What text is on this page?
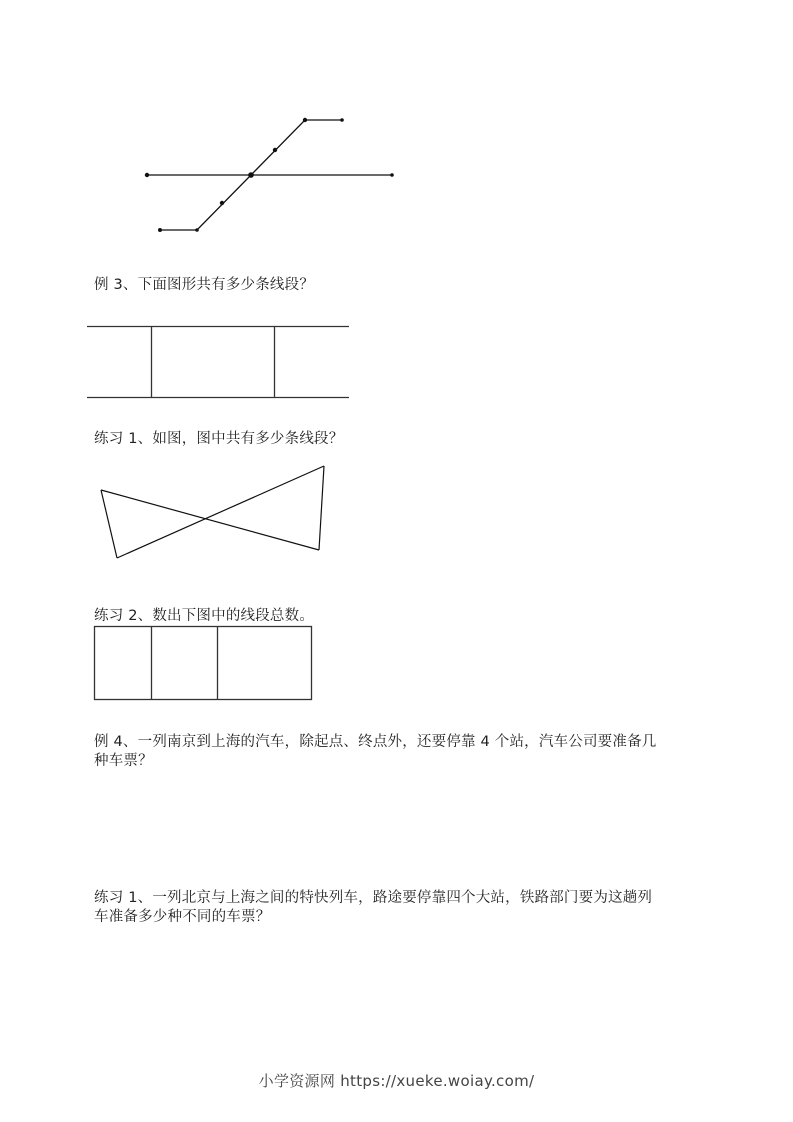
例 3、下面图形共有多少条线段？
练习 1、如图，图中共有多少条线段？
练习 2、数出下图中的线段总数。
例 4、一列南京到上海的汽车，除起点、终点外，还要停靠 4 个站，汽车公司要准备几
种车票？
练习 1、一列北京与上海之间的特快列车，路途要停靠四个大站，铁路部门要为这趟列
车准备多少种不同的车票？
小学资源网 https://xueke.woiay.com/
